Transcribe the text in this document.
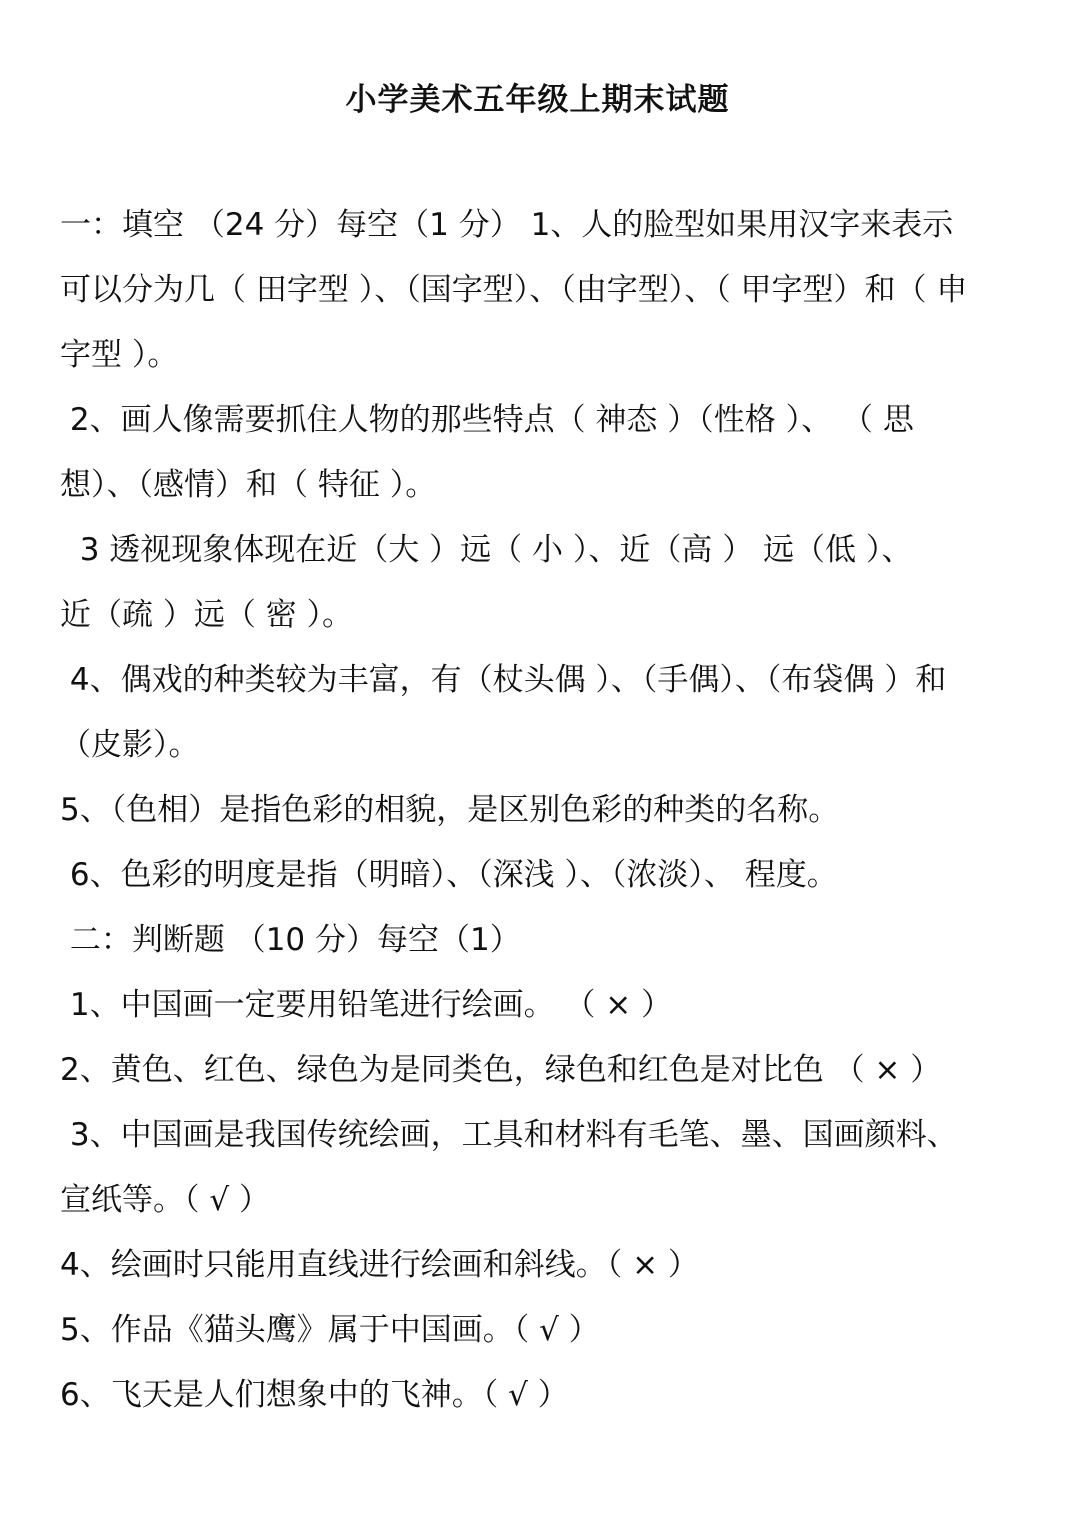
小学美术五年级上期末试题
一：填空 （24 分）每空（1 分） 1、人的脸型如果用汉字来表示
可以分为几（ 田字型 ）、（国字型）、（由字型）、（ 甲字型）和（ 申
字型 ）。
2、画人像需要抓住人物的那些特点（ 神态 ）（性格 ）、 （ 思
想）、（感情）和（ 特征 ）。
3 透视现象体现在近（大 ）远（ 小 ）、近（高 ） 远（低 ）、
近（疏 ）远（ 密 ）。
4、偶戏的种类较为丰富，有（杖头偶 ）、（手偶）、（布袋偶 ）和
（皮影）。
5、（色相）是指色彩的相貌，是区别色彩的种类的名称。
6、色彩的明度是指（明暗）、（深浅 ）、（浓淡）、 程度。
二：判断题 （10 分）每空（1）
1、中国画一定要用铅笔进行绘画。 （ × ）
2、黄色、红色、绿色为是同类色，绿色和红色是对比色 （ × ）
3、中国画是我国传统绘画，工具和材料有毛笔、墨、国画颜料、
宣纸等。（ √ ）
4、绘画时只能用直线进行绘画和斜线。（ × ）
5、作品《猫头鹰》属于中国画。（ √ ）
6、飞天是人们想象中的飞神。（ √ ）
